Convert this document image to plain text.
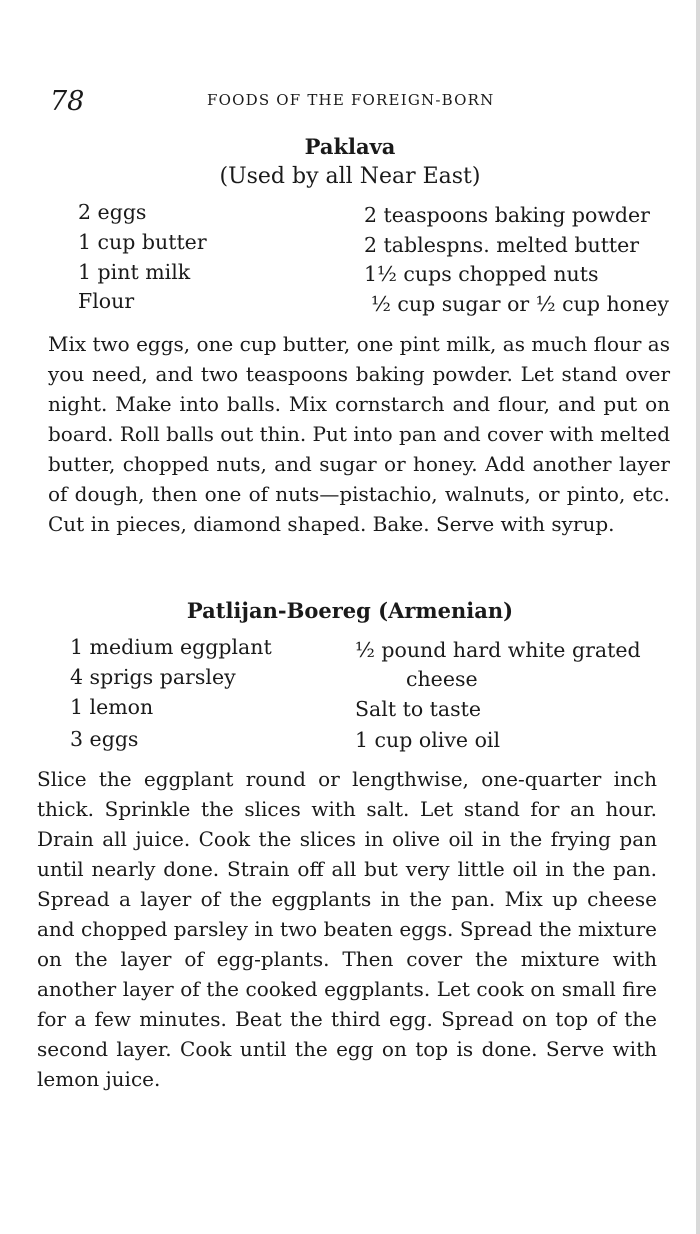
78	FOODS OF THE FOREIGN-BORN
Paklava
(Used by all Near East)
2 eggs
1 cup butter
1 pint milk
Flour
2 teaspoons baking powder
2 tablespns. melted butter
1½ cups chopped nuts
½ cup sugar or ½ cup honey
Mix two eggs, one cup butter, one pint milk, as much flour as you need, and two teaspoons baking powder. Let stand over night. Make into balls. Mix cornstarch and flour, and put on board. Roll balls out thin. Put into pan and cover with melted butter, chopped nuts, and sugar or honey. Add another layer of dough, then one of nuts—pistachio, walnuts, or pinto, etc. Cut in pieces, diamond shaped. Bake. Serve with syrup.
Patlijan-Boereg (Armenian)
1 medium eggplant
4 sprigs parsley
1 lemon
3 eggs
½ pound hard white grated
cheese
Salt to taste
1 cup olive oil
Slice the eggplant round or lengthwise, one-quarter inch thick. Sprinkle the slices with salt. Let stand for an hour. Drain all juice. Cook the slices in olive oil in the frying pan until nearly done. Strain off all but very little oil in the pan. Spread a layer of the eggplants in the pan. Mix up cheese and chopped parsley in two beaten eggs. Spread the mixture on the layer of egg-plants. Then cover the mixture with another layer of the cooked eggplants. Let cook on small fire for a few minutes. Beat the third egg. Spread on top of the second layer. Cook until the egg on top is done. Serve with lemon juice.
